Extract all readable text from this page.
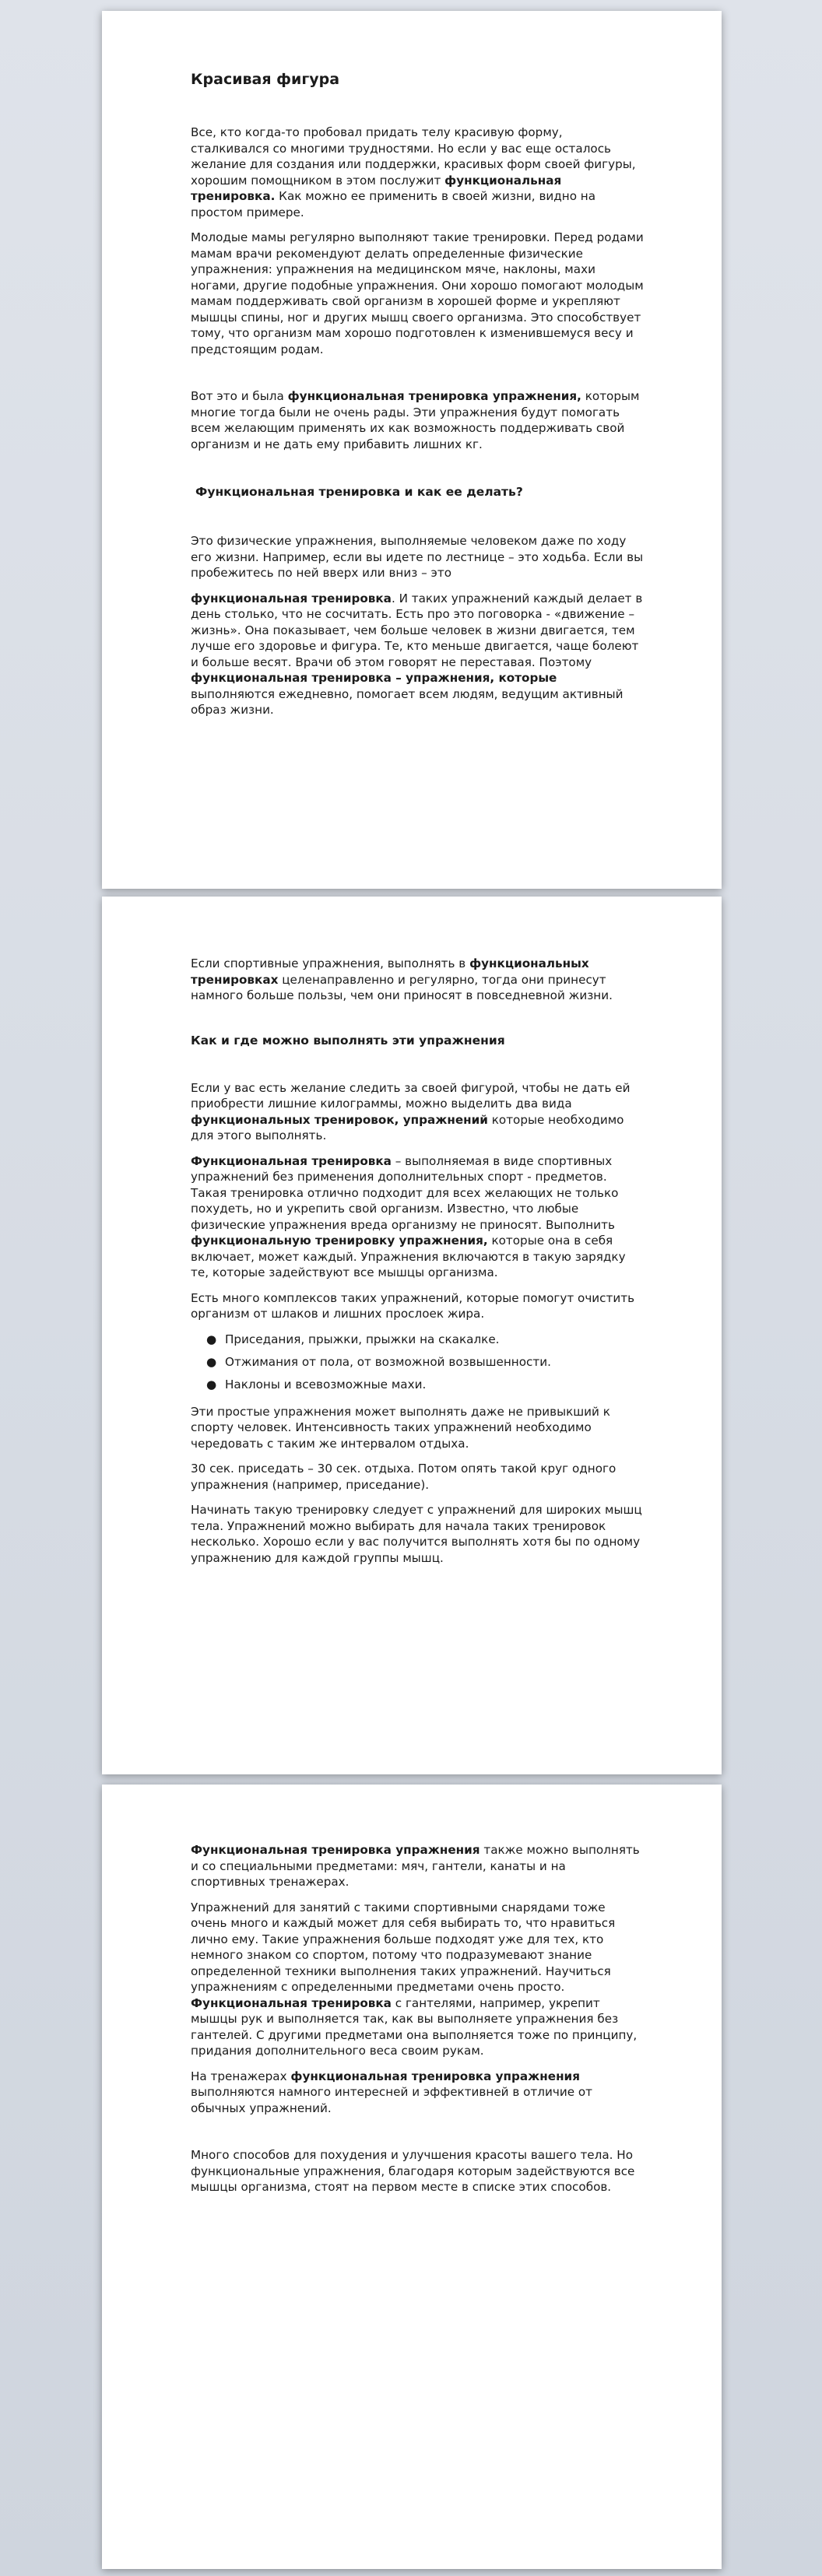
Красивая фигура

Все, кто когда-то пробовал придать телу красивую форму, сталкивался со многими трудностями. Но если у вас еще осталось желание для создания или поддержки, красивых форм своей фигуры, хорошим помощником в этом послужит функциональная тренировка. Как можно ее применить в своей жизни, видно на простом примере.

Молодые мамы регулярно выполняют такие тренировки. Перед родами мамам врачи рекомендуют делать определенные физические упражнения: упражнения на медицинском мяче, наклоны, махи ногами, другие подобные упражнения. Они хорошо помогают молодым мамам поддерживать свой организм в хорошей форме и укрепляют мышцы спины, ног и других мышц своего организма. Это способствует тому, что организм мам хорошо подготовлен к изменившемуся весу и предстоящим родам.

Вот это и была функциональная тренировка упражнения, которым многие тогда были не очень рады. Эти упражнения будут помогать всем желающим применять их как возможность поддерживать свой организм и не дать ему прибавить лишних кг.

Функциональная тренировка и как ее делать?

Это физические упражнения, выполняемые человеком даже по ходу его жизни. Например, если вы идете по лестнице – это ходьба. Если вы пробежитесь по ней вверх или вниз – это

функциональная тренировка. И таких упражнений каждый делает в день столько, что не сосчитать. Есть про это поговорка - «движение – жизнь». Она показывает, чем больше человек в жизни двигается, тем лучше его здоровье и фигура. Те, кто меньше двигается, чаще болеют и больше весят. Врачи об этом говорят не переставая. Поэтому функциональная тренировка – упражнения, которые выполняются ежедневно, помогает всем людям, ведущим активный образ жизни.

Если спортивные упражнения, выполнять в функциональных тренировках целенаправленно и регулярно, тогда они принесут намного больше пользы, чем они приносят в повседневной жизни.

Как и где можно выполнять эти упражнения

Если у вас есть желание следить за своей фигурой, чтобы не дать ей приобрести лишние килограммы, можно выделить два вида функциональных тренировок, упражнений которые необходимо для этого выполнять.

Функциональная тренировка – выполняемая в виде спортивных упражнений без применения дополнительных спорт - предметов. Такая тренировка отлично подходит для всех желающих не только похудеть, но и укрепить свой организм. Известно, что любые физические упражнения вреда организму не приносят. Выполнить функциональную тренировку упражнения, которые она в себя включает, может каждый. Упражнения включаются в такую зарядку те, которые задействуют все мышцы организма.

Есть много комплексов таких упражнений, которые помогут очистить организм от шлаков и лишних прослоек жира.

● Приседания, прыжки, прыжки на скакалке.
● Отжимания от пола, от возможной возвышенности.
● Наклоны и всевозможные махи.

Эти простые упражнения может выполнять даже не привыкший к спорту человек. Интенсивность таких упражнений необходимо чередовать с таким же интервалом отдыха.

30 сек. приседать – 30 сек. отдыха. Потом опять такой круг одного упражнения (например, приседание).

Начинать такую тренировку следует с упражнений для широких мышц тела. Упражнений можно выбирать для начала таких тренировок несколько. Хорошо если у вас получится выполнять хотя бы по одному упражнению для каждой группы мышц.

Функциональная тренировка упражнения также можно выполнять и со специальными предметами: мяч, гантели, канаты и на спортивных тренажерах.

Упражнений для занятий с такими спортивными снарядами тоже очень много и каждый может для себя выбирать то, что нравиться лично ему. Такие упражнения больше подходят уже для тех, кто немного знаком со спортом, потому что подразумевают знание определенной техники выполнения таких упражнений. Научиться упражнениям с определенными предметами очень просто. Функциональная тренировка с гантелями, например, укрепит мышцы рук и выполняется так, как вы выполняете упражнения без гантелей. С другими предметами она выполняется тоже по принципу, придания дополнительного веса своим рукам.

На тренажерах функциональная тренировка упражнения выполняются намного интересней и эффективней в отличие от обычных упражнений.

Много способов для похудения и улучшения красоты вашего тела. Но функциональные упражнения, благодаря которым задействуются все мышцы организма, стоят на первом месте в списке этих способов.
